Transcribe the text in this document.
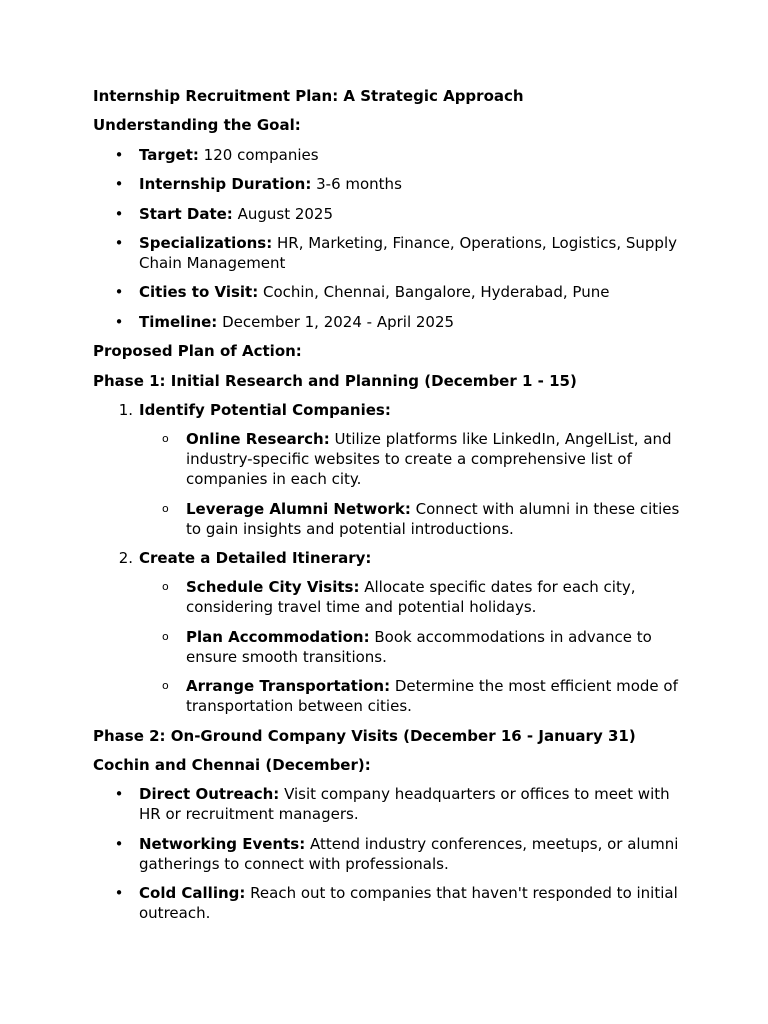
Internship Recruitment Plan: A Strategic Approach

Understanding the Goal:

• Target: 120 companies
• Internship Duration: 3-6 months
• Start Date: August 2025
• Specializations: HR, Marketing, Finance, Operations, Logistics, Supply Chain Management
• Cities to Visit: Cochin, Chennai, Bangalore, Hyderabad, Pune
• Timeline: December 1, 2024 - April 2025

Proposed Plan of Action:

Phase 1: Initial Research and Planning (December 1 - 15)

1. Identify Potential Companies:
o Online Research: Utilize platforms like LinkedIn, AngelList, and industry-specific websites to create a comprehensive list of companies in each city.
o Leverage Alumni Network: Connect with alumni in these cities to gain insights and potential introductions.
2. Create a Detailed Itinerary:
o Schedule City Visits: Allocate specific dates for each city, considering travel time and potential holidays.
o Plan Accommodation: Book accommodations in advance to ensure smooth transitions.
o Arrange Transportation: Determine the most efficient mode of transportation between cities.

Phase 2: On-Ground Company Visits (December 16 - January 31)

Cochin and Chennai (December):

• Direct Outreach: Visit company headquarters or offices to meet with HR or recruitment managers.
• Networking Events: Attend industry conferences, meetups, or alumni gatherings to connect with professionals.
• Cold Calling: Reach out to companies that haven't responded to initial outreach.
